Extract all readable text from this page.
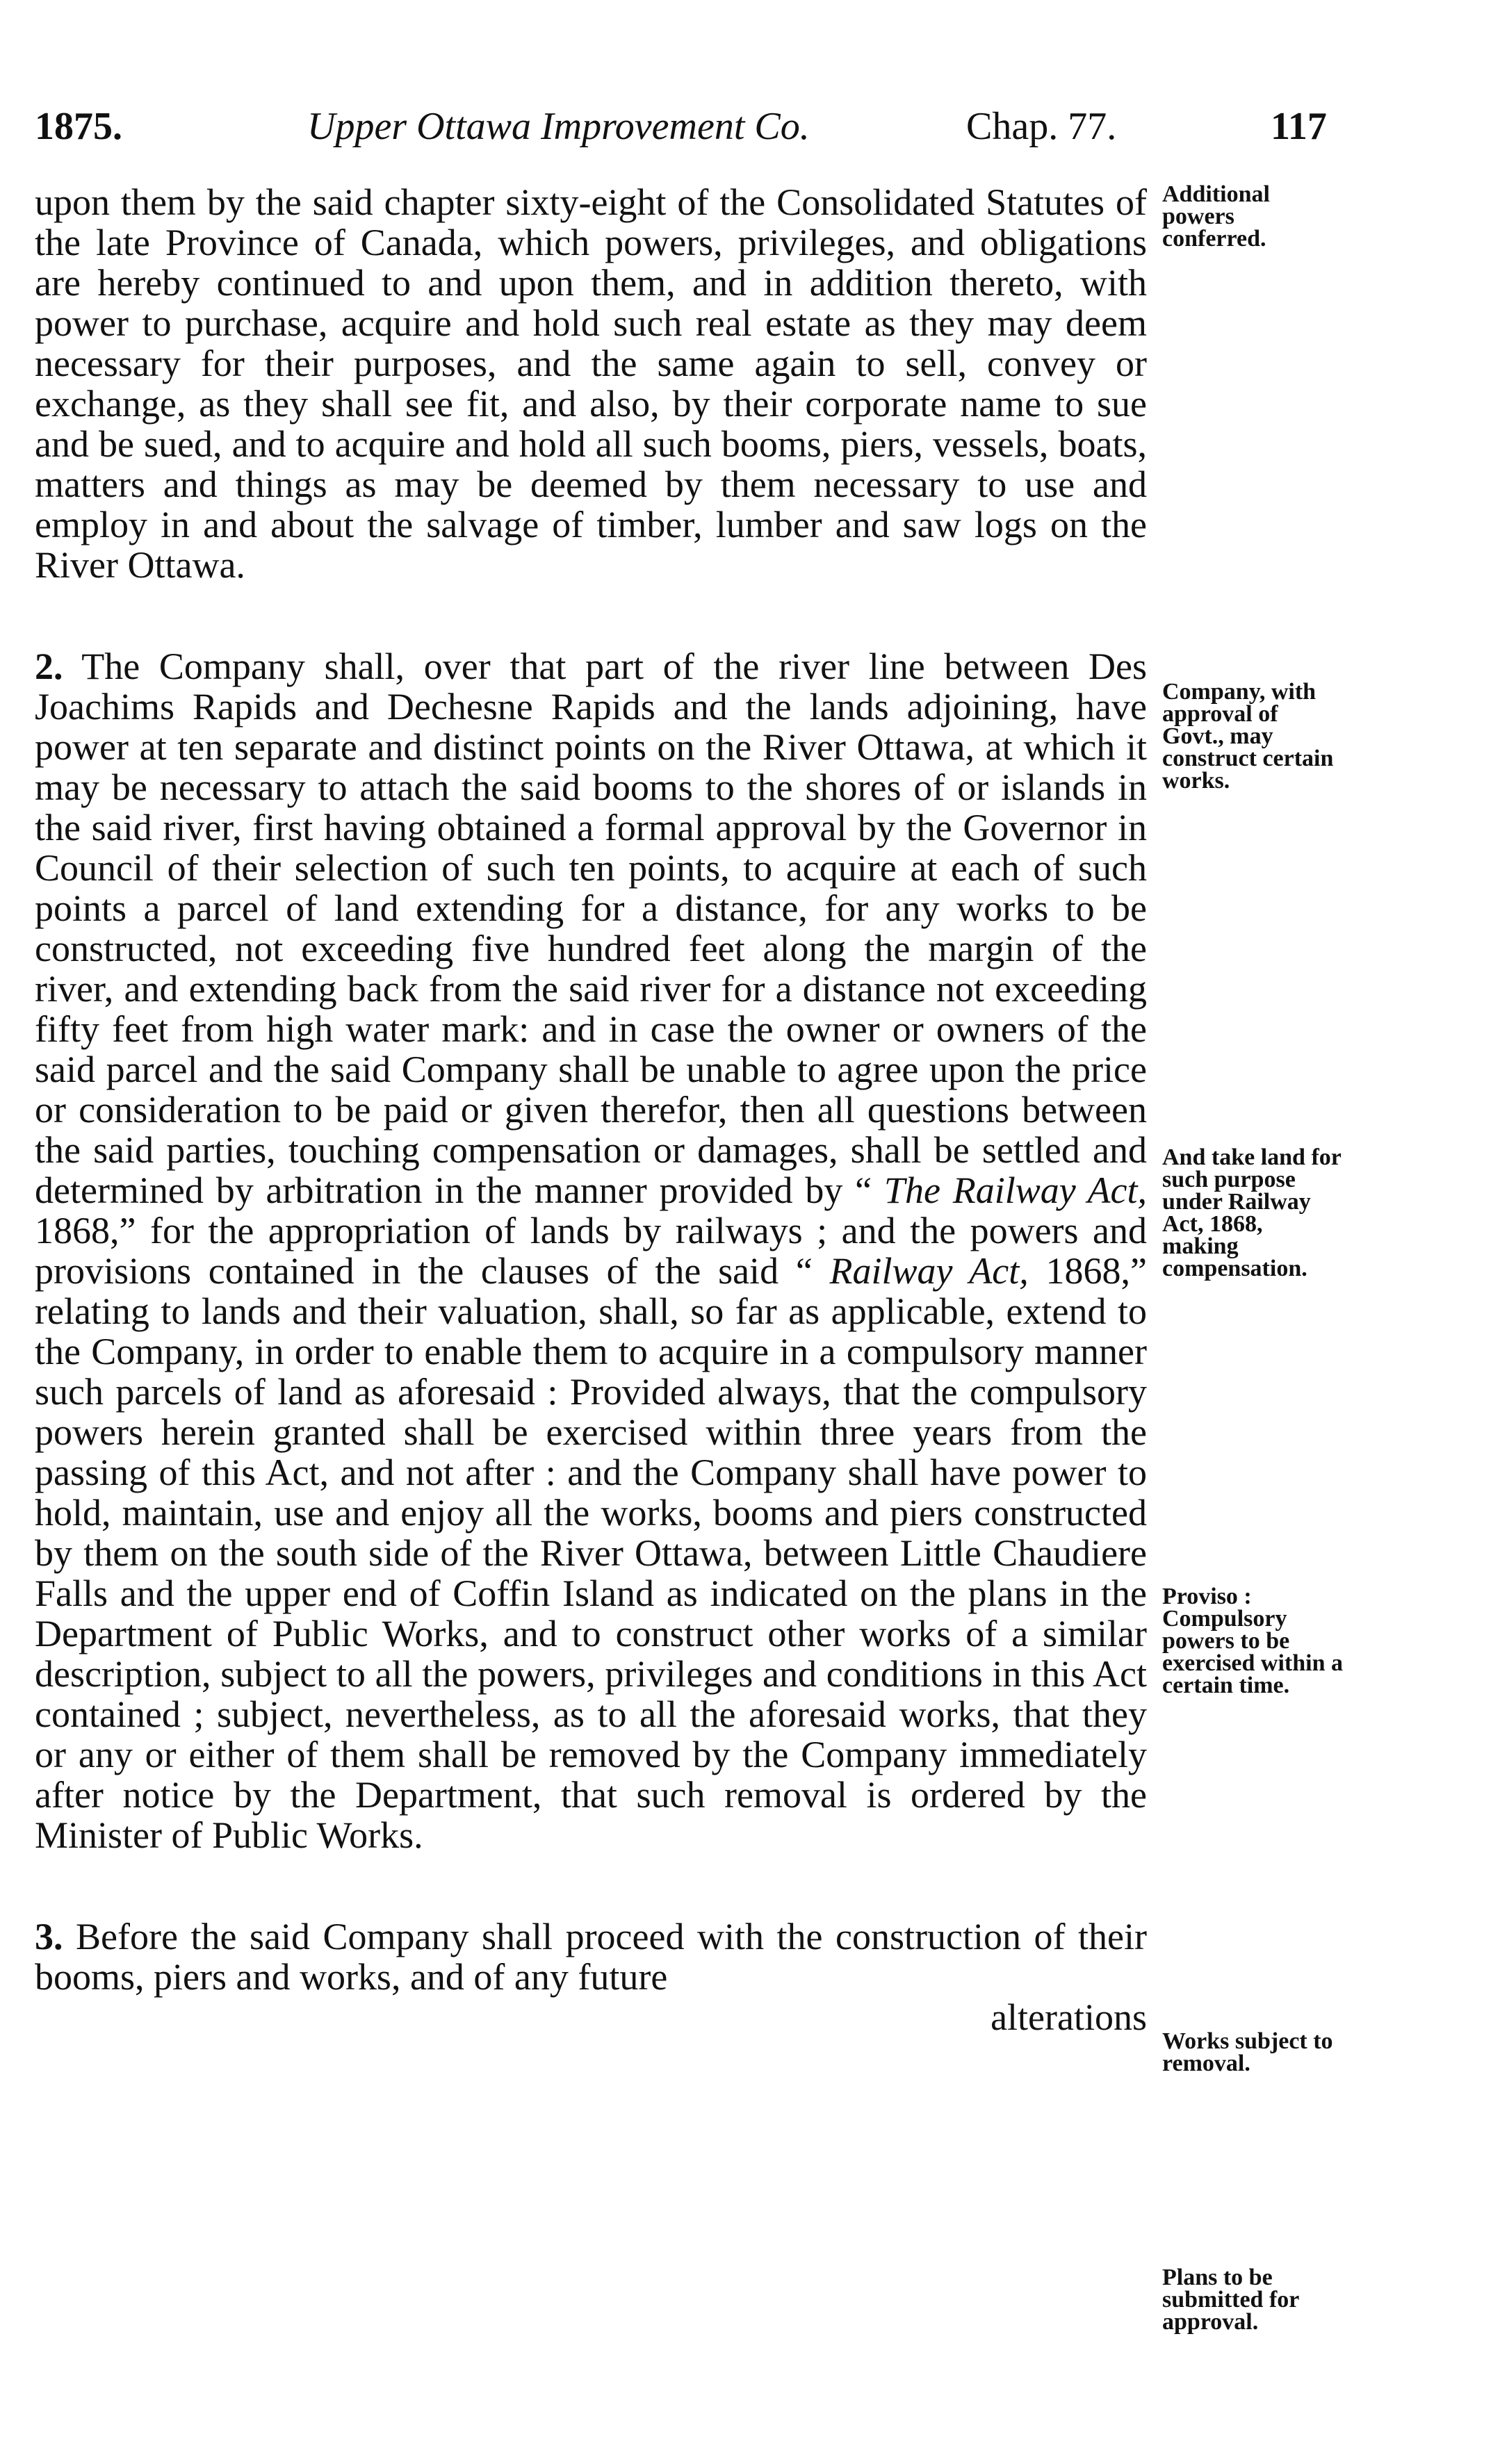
1875.	Upper Ottawa Improvement Co.	Chap. 77.	117

upon them by the said chapter sixty-eight of the Consolidated Statutes of the late Province of Canada, which powers, privileges, and obligations are hereby continued to and upon them, and in addition thereto, with power to purchase, acquire and hold such real estate as they may deem necessary for their purposes, and the same again to sell, convey or exchange, as they shall see fit, and also, by their corporate name to sue and be sued, and to acquire and hold all such booms, piers, vessels, boats, matters and things as may be deemed by them necessary to use and employ in and about the salvage of timber, lumber and saw logs on the River Ottawa.

2. The Company shall, over that part of the river line between Des Joachims Rapids and Dechesne Rapids and the lands adjoining, have power at ten separate and distinct points on the River Ottawa, at which it may be necessary to attach the said booms to the shores of or islands in the said river, first having obtained a formal approval by the Governor in Council of their selection of such ten points, to acquire at each of such points a parcel of land extending for a distance, for any works to be constructed, not exceeding five hundred feet along the margin of the river, and extending back from the said river for a distance not exceeding fifty feet from high water mark: and in case the owner or owners of the said parcel and the said Company shall be unable to agree upon the price or consideration to be paid or given therefor, then all questions between the said parties, touching compensation or damages, shall be settled and determined by arbitration in the manner provided by “ The Railway Act, 1868,” for the appropriation of lands by railways ; and the powers and provisions contained in the clauses of the said “ Railway Act, 1868,” relating to lands and their valuation, shall, so far as applicable, extend to the Company, in order to enable them to acquire in a compulsory manner such parcels of land as aforesaid : Provided always, that the compulsory powers herein granted shall be exercised within three years from the passing of this Act, and not after : and the Company shall have power to hold, maintain, use and enjoy all the works, booms and piers constructed by them on the south side of the River Ottawa, between Little Chaudiere Falls and the upper end of Coffin Island as indicated on the plans in the Department of Public Works, and to construct other works of a similar description, subject to all the powers, privileges and conditions in this Act contained ; subject, nevertheless, as to all the aforesaid works, that they or any or either of them shall be removed by the Company immediately after notice by the Department, that such removal is ordered by the Minister of Public Works.

3. Before the said Company shall proceed with the construction of their booms, piers and works, and of any future

alterations

Additional powers conferred.
Company, with approval of Govt., may construct certain works.
And take land for such purpose under Railway Act, 1868, making compensation.
Proviso : Compulsory powers to be exercised within a certain time.
Works subject to removal.
Plans to be submitted for approval.
